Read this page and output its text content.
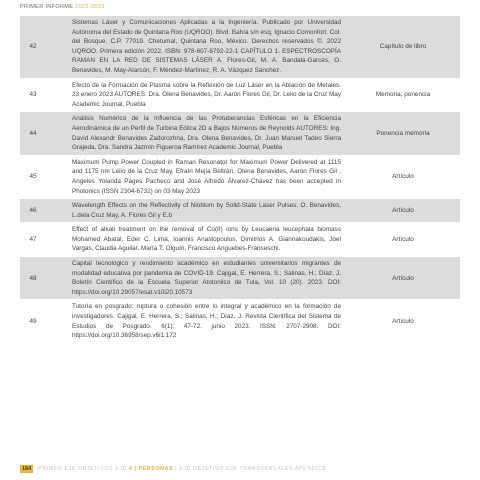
PRIMER INFORME 2022-2023
42
Sistemas Láser y Comunicaciones Aplicadas a la Ingeniería. Publicado por Universidad Autónoma del Estado de Quintana Roo (UQROO). Blvd. Bahía s/n esq. Ignacio Comonfort. Col. del Bosque. C.P. 77019. Chetumal, Quintana Roo, México. Derechos reservados ©. 2022 UQROO. Primera edición 2022. ISBN: 978-607-8792-22-1 CAPÍTULO 1. ESPECTROSCOPÍA RAMAN EN LA RED DE SISTEMAS LÁSER A. Flores-Gil, M. A. Bandala-Garcés, O. Benavides, M. May-Alarcón, F. Méndez-Martínez, R. A. Vázquez Sánchez.
Capítulo de libro
43
Efecto de la Formación de Plasma sobre la Reflexión de Luz Láser en la Ablación de Metales. 23 enero 2023 AUTORES: Dra. Olena Benavides, Dr. Aarón Flores Gil, Dr. Lelio de la Cruz May Academic Journal, Puebla
Memoria, ponencia
44
Análisis Numérico de la Influencia de las Protuberancias Esféricas en la Eficiencia Aerodinámica de un Perfil de Turbina Eólica 2D a Bajos Números de Reynolds AUTORES: Ing. David Alexandr Benavides Zadorozhna, Dra. Olena Benavides, Dr. Juan Manuel Tadeo Sierra Grajeda, Dra. Sandra Jazmín Figueroa Ramírez Academic Journal, Puebla
Ponencia memoria
45
Maximum Pump Power Coupled in Raman Resonator for Maximum Power Delivered at 1115 and 1175 nm Lelio de la Cruz May, Efraín Mejía Beltrán, Olena Benavides, Aarón Flores Gil , Angeles Yolanda Pages Pacheco and José Alfredo Álvarez-Chávez has been accepted in Photonics (ISSN 2304-6732) on 03 May 2023
Artículo
46
Wavelength Effects on the Reflectivity of Niobium by Solid-State Laser Pulses. O. Benavides, L.dela Cruz May, A. Flores Gil y E.b
Artículo
47
Effect of alkali treatment on the removal of Co(II) ions by Leucaena leucephala biomass Mohamed Abatal, Eder C. Lima, Ioannis Anastopoulos, Dimitrios A. Giannakoudakis, Joel Vargas, Claudia Aguilar, María.T. Olguín, Francisco Anguebes-Franseschi.
Artículo
48
Capital tecnológico y rendimiento académico en estudiantes universitarios migrantes de modalidad educativa por pandemia de COVID-19. Cajigal, E. Herrera, S.; Salinas, H.; Díaz, J. Boletín Científico de la Escuela Superior Atotonilco de Tula, Vol. 10 (20). 2023. DOI: https://doi.org/10.29057/esat.v10i20.10573
Artículo
49
Tutoría en posgrado: ruptura o cohesión entre lo integral y académico en la formación de investigadores. Cajigal, E. Herrera, S.; Salinas, H.; Díaz, J. Revista Científica del Sistema de Estudios de Posgrado. 6(1): 47-72. junio 2023. ISSN: 2707-2908. DOI: https://doi.org/10.36958/sep.v6i1.172
Artículo
184	PRIMER EJE OBJETIVOS EJE 4 | PERSONAS | EJE OBJETIVO EJE TRANSVERSALES APÉNDICE
